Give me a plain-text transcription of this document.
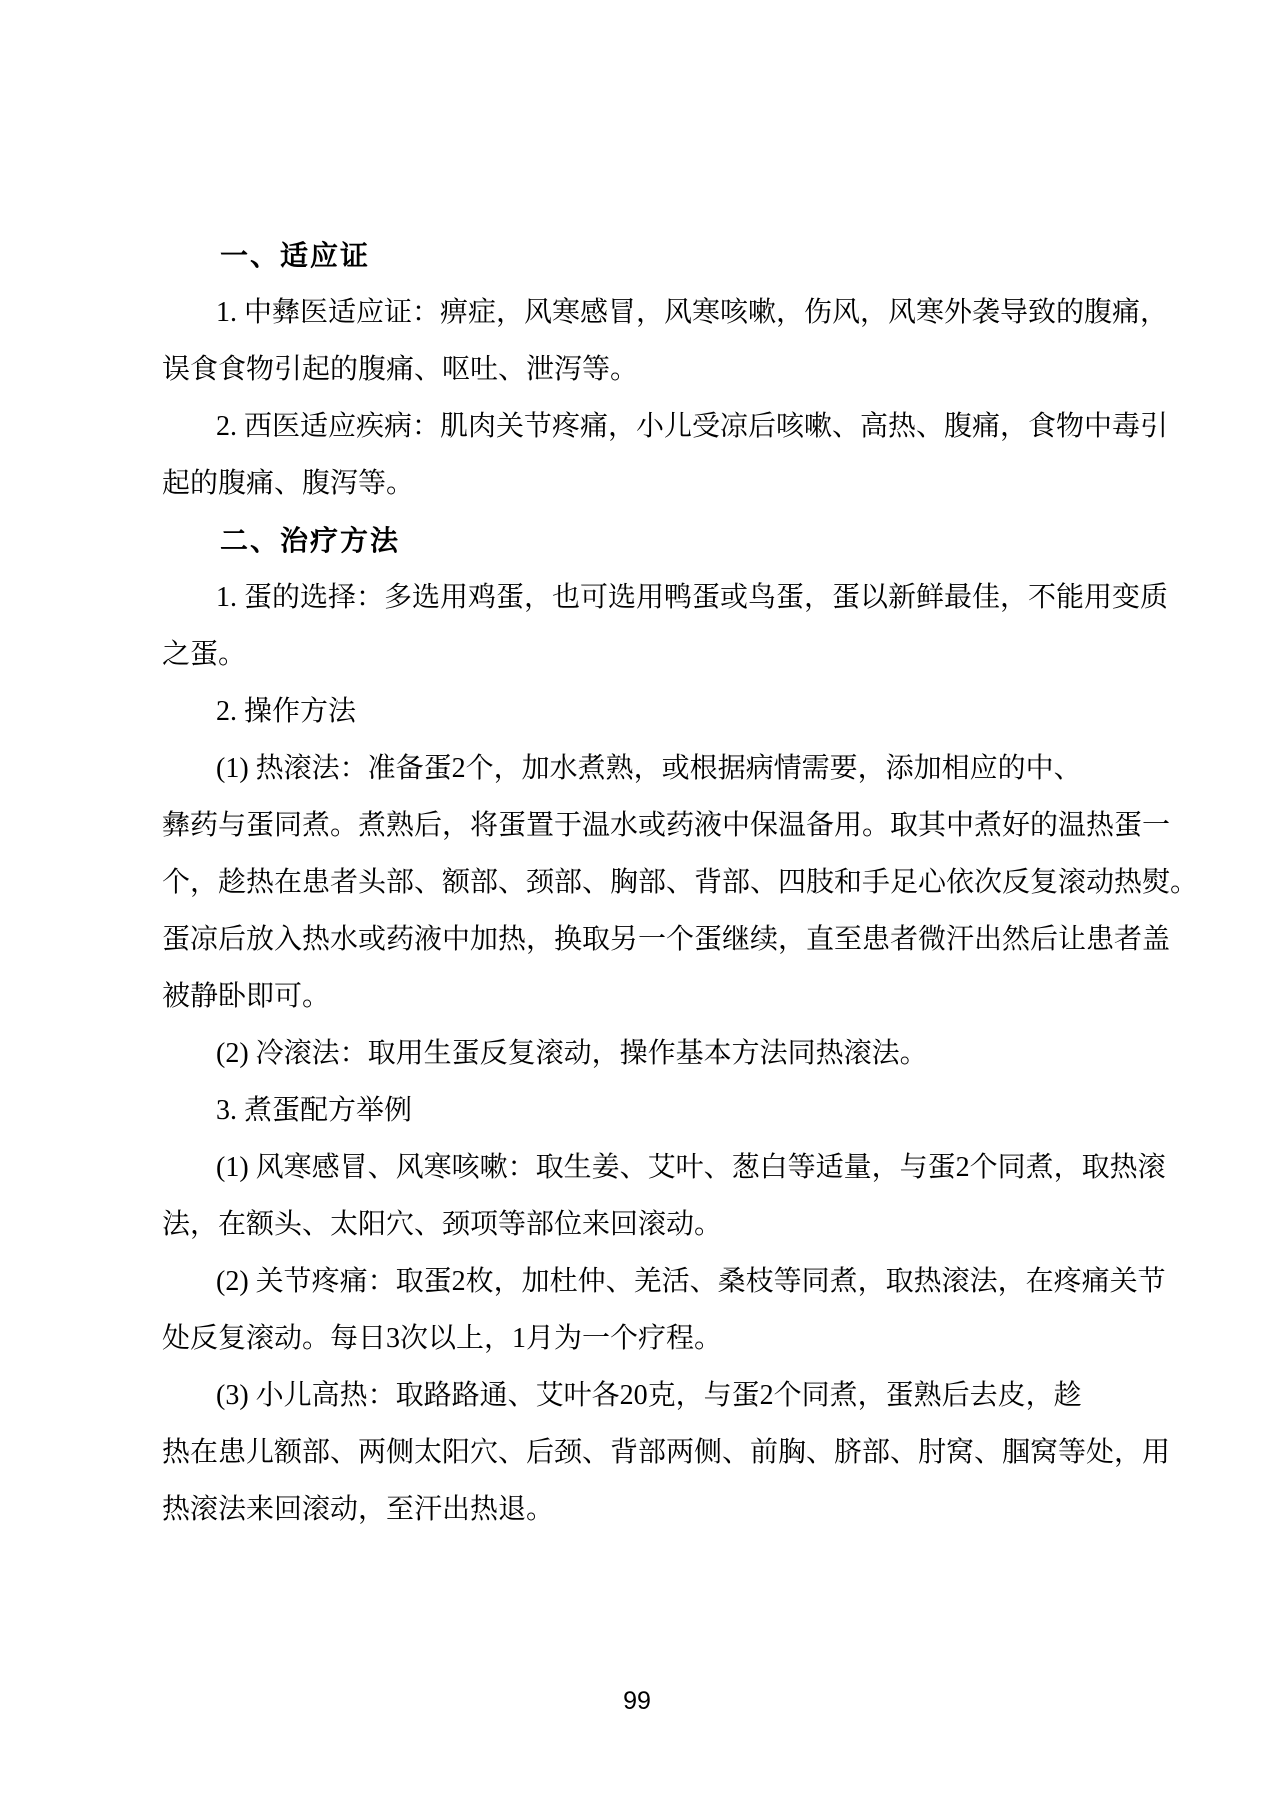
一、适应证
1. 中彝医适应证：痹症，风寒感冒，风寒咳嗽，伤风，风寒外袭导致的腹痛，
误食食物引起的腹痛、呕吐、泄泻等。
2. 西医适应疾病：肌肉关节疼痛，小儿受凉后咳嗽、高热、腹痛，食物中毒引
起的腹痛、腹泻等。
二、治疗方法
1. 蛋的选择：多选用鸡蛋，也可选用鸭蛋或鸟蛋，蛋以新鲜最佳，不能用变质
之蛋。
2. 操作方法
(1) 热滚法：准备蛋2个，加水煮熟，或根据病情需要，添加相应的中、
彝药与蛋同煮。煮熟后，将蛋置于温水或药液中保温备用。取其中煮好的温热蛋一
个，趁热在患者头部、额部、颈部、胸部、背部、四肢和手足心依次反复滚动热熨。
蛋凉后放入热水或药液中加热，换取另一个蛋继续，直至患者微汗出然后让患者盖
被静卧即可。
(2) 冷滚法：取用生蛋反复滚动，操作基本方法同热滚法。
3. 煮蛋配方举例
(1) 风寒感冒、风寒咳嗽：取生姜、艾叶、葱白等适量，与蛋2个同煮，取热滚
法，在额头、太阳穴、颈项等部位来回滚动。
(2) 关节疼痛：取蛋2枚，加杜仲、羌活、桑枝等同煮，取热滚法，在疼痛关节
处反复滚动。每日3次以上，1月为一个疗程。
(3) 小儿高热：取路路通、艾叶各20克，与蛋2个同煮，蛋熟后去皮，趁
热在患儿额部、两侧太阳穴、后颈、背部两侧、前胸、脐部、肘窝、腘窝等处，用
热滚法来回滚动，至汗出热退。
99
